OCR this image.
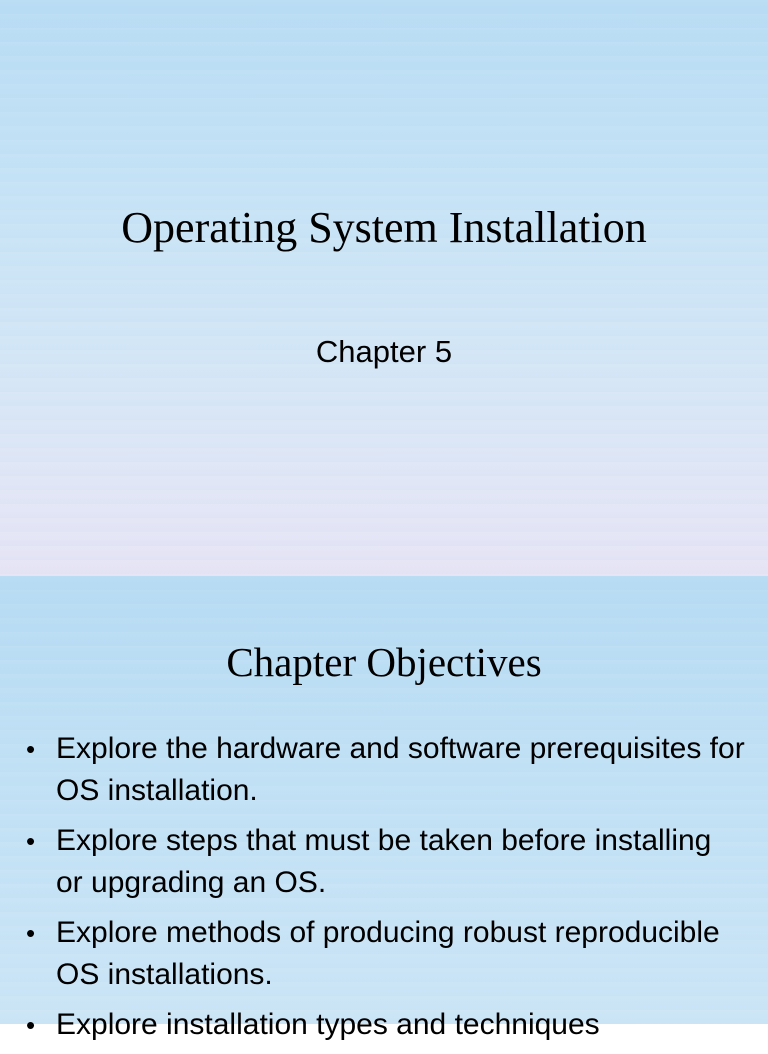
Operating System Installation

Chapter 5

Chapter Objectives
• Explore the hardware and software prerequisites for OS installation.
• Explore steps that must be taken before installing or upgrading an OS.
• Explore methods of producing robust reproducible OS installations.
• Explore installation types and techniques
